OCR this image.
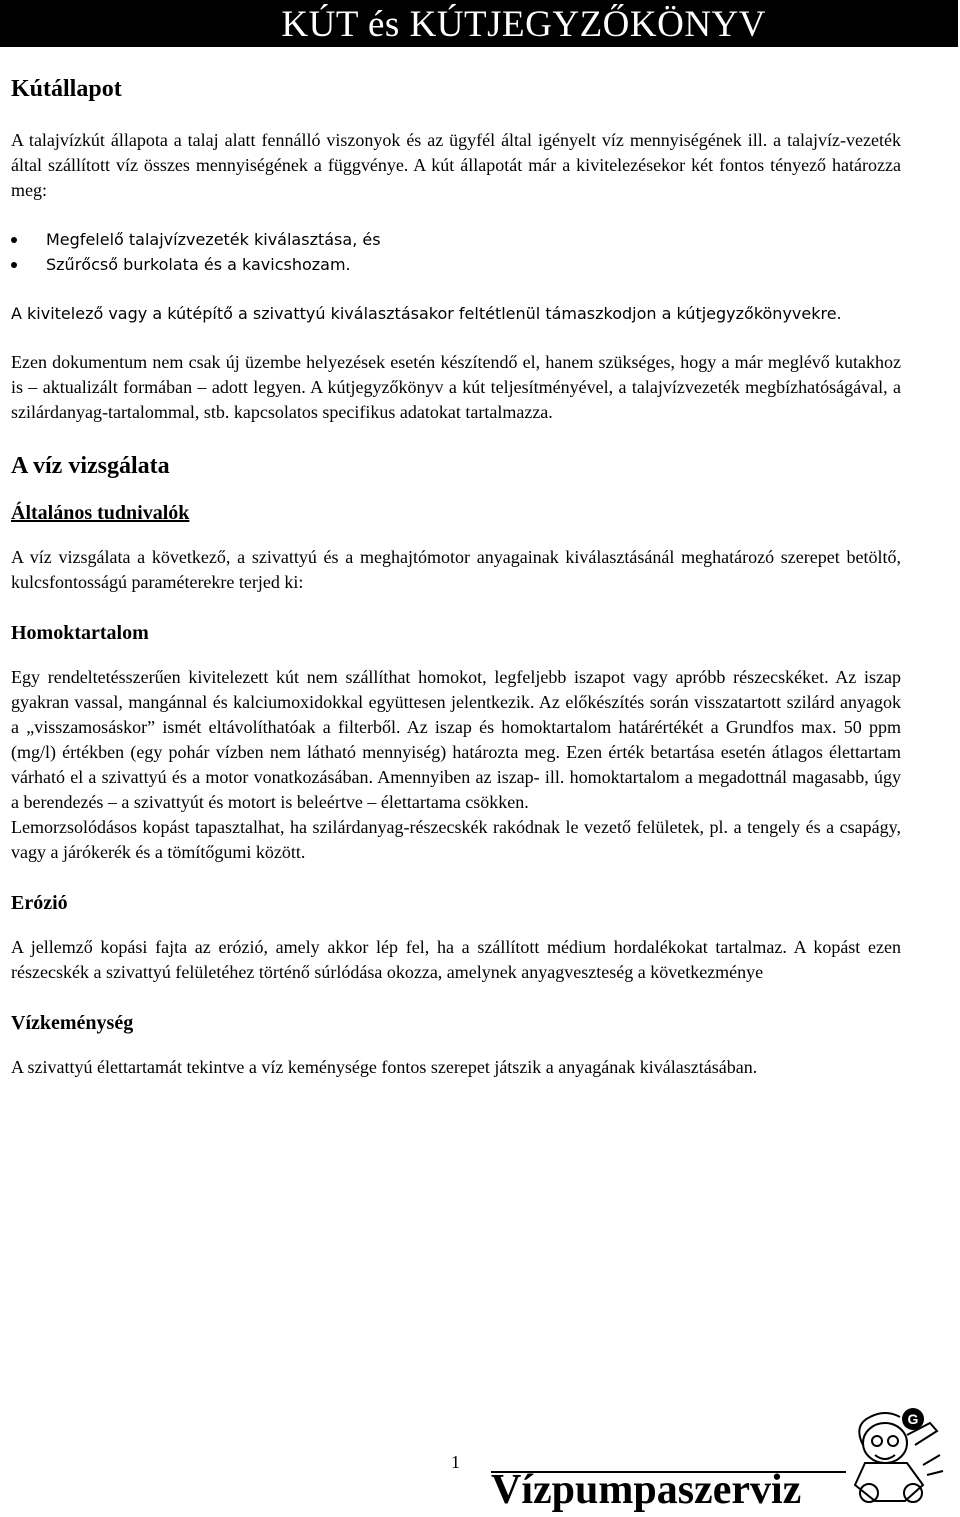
KÚT és KÚTJEGYZŐKÖNYV
Kútállapot

A talajvízkút állapota a talaj alatt fennálló viszonyok és az ügyfél által igényelt víz mennyiségének ill. a talajvíz-vezeték által szállított víz összes mennyiségének a függvénye. A kút állapotát már a kivitelezésekor két fontos tényező határozza meg:

Megfelelő talajvízvezeték kiválasztása, és
Szűrőcső burkolata és a kavicshozam.

A kivitelező vagy a kútépítő a szivattyú kiválasztásakor feltétlenül támaszkodjon a kútjegyzőkönyvekre.

Ezen dokumentum nem csak új üzembe helyezések esetén készítendő el, hanem szükséges, hogy a már meglévő kutakhoz is – aktualizált formában – adott legyen. A kútjegyzőkönyv a kút teljesítményével, a talajvízvezeték megbízhatóságával, a szilárdanyag-tartalommal, stb. kapcsolatos specifikus adatokat tartalmazza.

A víz vizsgálata
Általános tudnivalók

A víz vizsgálata a következő, a szivattyú és a meghajtómotor anyagainak kiválasztásánál meghatározó szerepet betöltő, kulcsfontosságú paraméterekre terjed ki:

Homoktartalom

Egy rendeltetésszerűen kivitelezett kút nem szállíthat homokot, legfeljebb iszapot vagy apróbb részecskéket. Az iszap gyakran vassal, mangánnal és kalciumoxidokkal együttesen jelentkezik. Az előkészítés során visszatartott szilárd anyagok a „visszamosáskor” ismét eltávolíthatóak a filterből. Az iszap és homoktartalom határértékét a Grundfos max. 50 ppm (mg/l) értékben (egy pohár vízben nem látható mennyiség) határozta meg. Ezen érték betartása esetén átlagos élettartam várható el a szivattyú és a motor vonatkozásában. Amennyiben az iszap- ill. homoktartalom a megadottnál magasabb, úgy a berendezés – a szivattyút és motort is beleértve – élettartama csökken.

Lemorzsolódásos kopást tapasztalhat, ha szilárdanyag-részecskék rakódnak le vezető felületek, pl. a tengely és a csapágy, vagy a járókerék és a tömítőgumi között.

Erózió

A jellemző kopási fajta az erózió, amely akkor lép fel, ha a szállított médium hordalékokat tartalmaz. A kopást ezen részecskék a szivattyú felületéhez történő súrlódása okozza, amelynek anyagveszteség a következménye

Vízkeménység

A szivattyú élettartamát tekintve a víz keménysége fontos szerepet játszik a anyagának kiválasztásában.

1
Vízpumpaszerviz
G
